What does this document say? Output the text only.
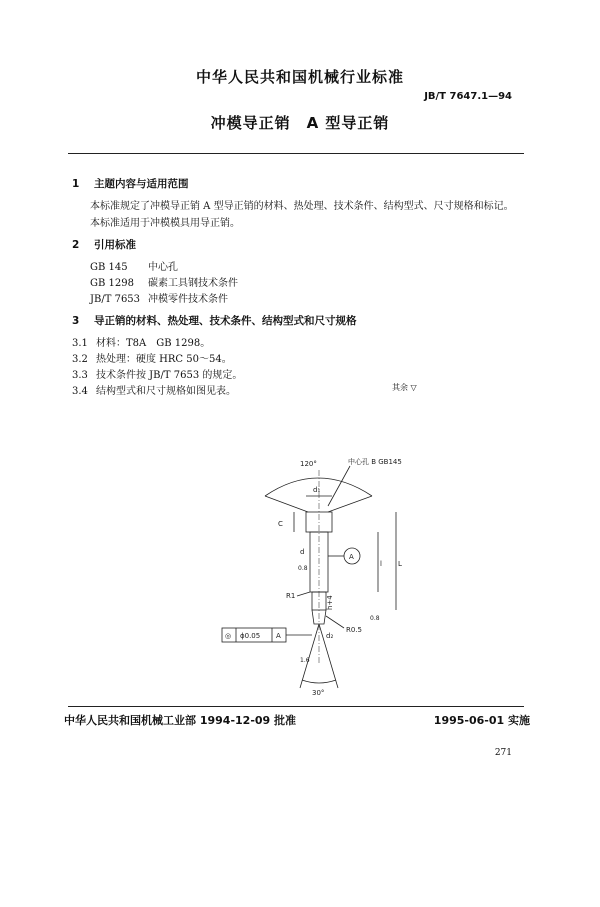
中华人民共和国机械行业标准
JB/T 7647.1—94
冲模导正销　A 型导正销
1 主题内容与适用范围
本标准规定了冲模导正销 A 型导正销的材料、热处理、技术条件、结构型式、尺寸规格和标记。
本标准适用于冲模模具用导正销。
2 引用标准
GB 145 中心孔
GB 1298 碳素工具钢技术条件
JB/T 7653 冲模零件技术条件
3 导正销的材料、热处理、技术条件、结构型式和尺寸规格
3.1 材料：T8A　GB 1298。
3.2 热处理：硬度 HRC 50～54。
3.3 技术条件按 JB/T 7653 的规定。
3.4 结构型式和尺寸规格如图见表。	其余 ▽
120°	中心孔 B GB145
d₁
C
d
A
h+4
l L
R1
R0.5
d₂
0.8
0.8
1.6
◎ ϕ0.05 A
30°
中华人民共和国机械工业部 1994-12-09 批准	1995-06-01 实施
271
